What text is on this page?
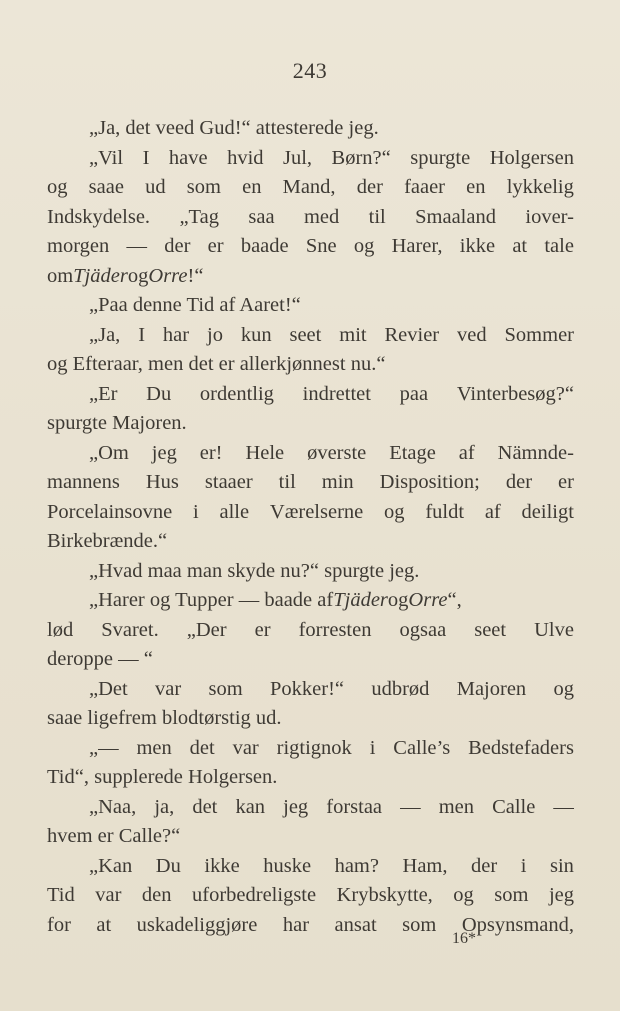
243
„Ja, det veed Gud!“ attesterede jeg.
„Vil I have hvid Jul, Børn?“ spurgte Holgersen
og saae ud som en Mand, der faaer en lykkelig
Indskydelse. „Tag saa med til Smaaland iover-
morgen — der er baade Sne og Harer, ikke at tale
om Tjäder og Orre !“
„Paa denne Tid af Aaret!“
„Ja, I har jo kun seet mit Revier ved Sommer
og Efteraar, men det er allerkjønnest nu.“
„Er Du ordentlig indrettet paa Vinterbesøg?“
spurgte Majoren.
„Om jeg er! Hele øverste Etage af Nämnde-
mannens Hus staaer til min Disposition; der er
Porcelainsovne i alle Værelserne og fuldt af deiligt
Birkebrænde.“
„Hvad maa man skyde nu?“ spurgte jeg.
„Harer og Tupper — baade af Tjäder og Orre “,
lød Svaret. „Der er forresten ogsaa seet Ulve
deroppe — “
„Det var som Pokker!“ udbrød Majoren og
saae ligefrem blodtørstig ud.
„— men det var rigtignok i Calle’s Bedstefaders
Tid“, supplerede Holgersen.
„Naa, ja, det kan jeg forstaa — men Calle —
hvem er Calle?“
„Kan Du ikke huske ham? Ham, der i sin
Tid var den uforbedreligste Krybskytte, og som jeg
for at uskadeliggjøre har ansat som Opsynsmand,
16*
